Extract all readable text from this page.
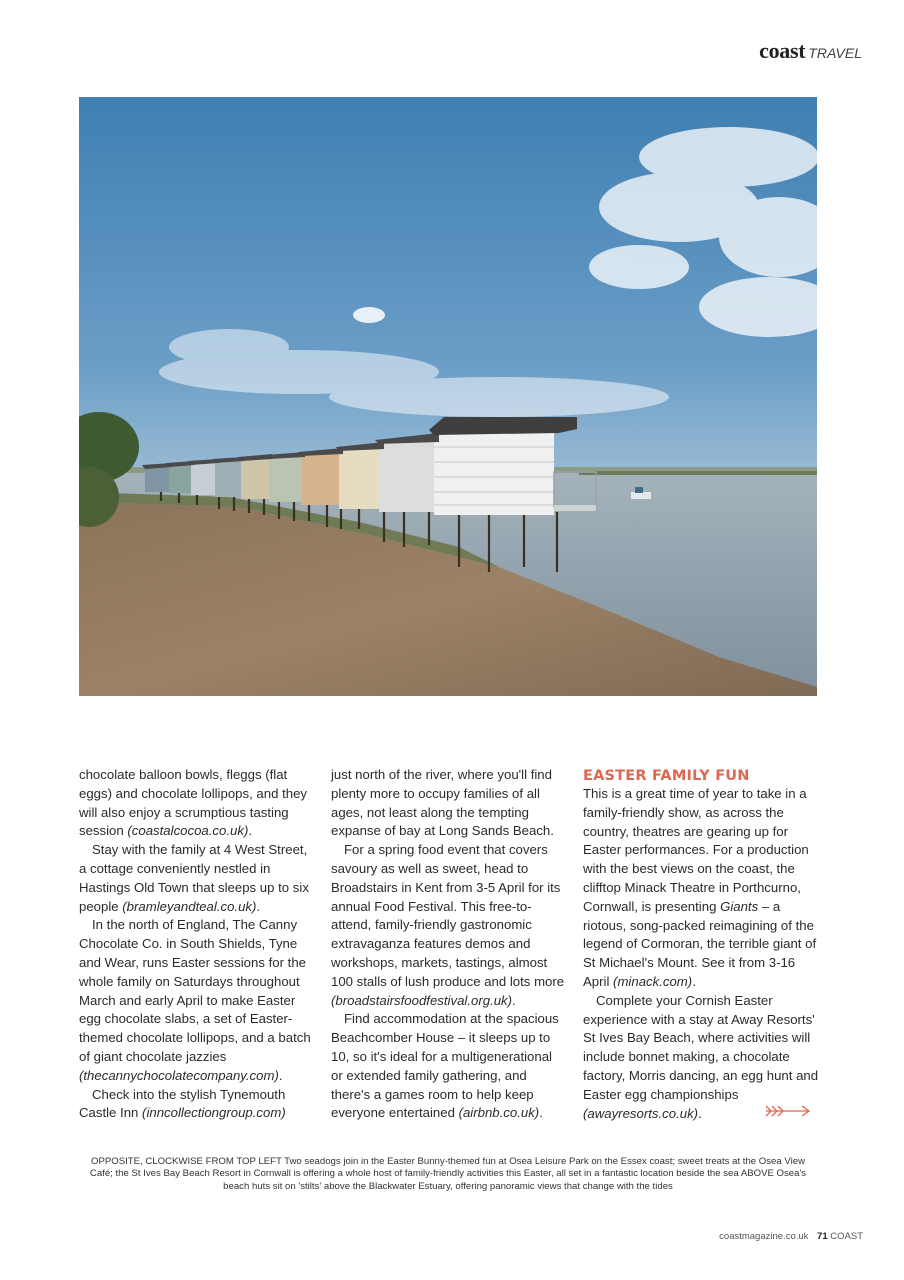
coast TRAVEL

chocolate balloon bowls, fleggs (flat eggs) and chocolate lollipops, and they will also enjoy a scrumptious tasting session (coastalcocoa.co.uk).

Stay with the family at 4 West Street, a cottage conveniently nestled in Hastings Old Town that sleeps up to six people (bramleyandteal.co.uk).

In the north of England, The Canny Chocolate Co. in South Shields, Tyne and Wear, runs Easter sessions for the whole family on Saturdays throughout March and early April to make Easter egg chocolate slabs, a set of Easter-themed chocolate lollipops, and a batch of giant chocolate jazzies (thecannychocolatecompany.com).

Check into the stylish Tynemouth Castle Inn (inncollectiongroup.com)

just north of the river, where you'll find plenty more to occupy families of all ages, not least along the tempting expanse of bay at Long Sands Beach.

For a spring food event that covers savoury as well as sweet, head to Broadstairs in Kent from 3-5 April for its annual Food Festival. This free-to-attend, family-friendly gastronomic extravaganza features demos and workshops, markets, tastings, almost 100 stalls of lush produce and lots more (broadstairsfoodfestival.org.uk).

Find accommodation at the spacious Beachcomber House – it sleeps up to 10, so it's ideal for a multigenerational or extended family gathering, and there's a games room to help keep everyone entertained (airbnb.co.uk).

EASTER FAMILY FUN

This is a great time of year to take in a family-friendly show, as across the country, theatres are gearing up for Easter performances. For a production with the best views on the coast, the clifftop Minack Theatre in Porthcurno, Cornwall, is presenting Giants – a riotous, song-packed reimagining of the legend of Cormoran, the terrible giant of St Michael's Mount. See it from 3-16 April (minack.com).

Complete your Cornish Easter experience with a stay at Away Resorts' St Ives Bay Beach, where activities will include bonnet making, a chocolate factory, Morris dancing, an egg hunt and Easter egg championships (awayresorts.co.uk).

OPPOSITE, CLOCKWISE FROM TOP LEFT Two seadogs join in the Easter Bunny-themed fun at Osea Leisure Park on the Essex coast; sweet treats at the Osea View Café; the St Ives Bay Beach Resort in Cornwall is offering a whole host of family-friendly activities this Easter, all set in a fantastic location beside the sea ABOVE Osea's beach huts sit on 'stilts' above the Blackwater Estuary, offering panoramic views that change with the tides
coastmagazine.co.uk 71 COAST
